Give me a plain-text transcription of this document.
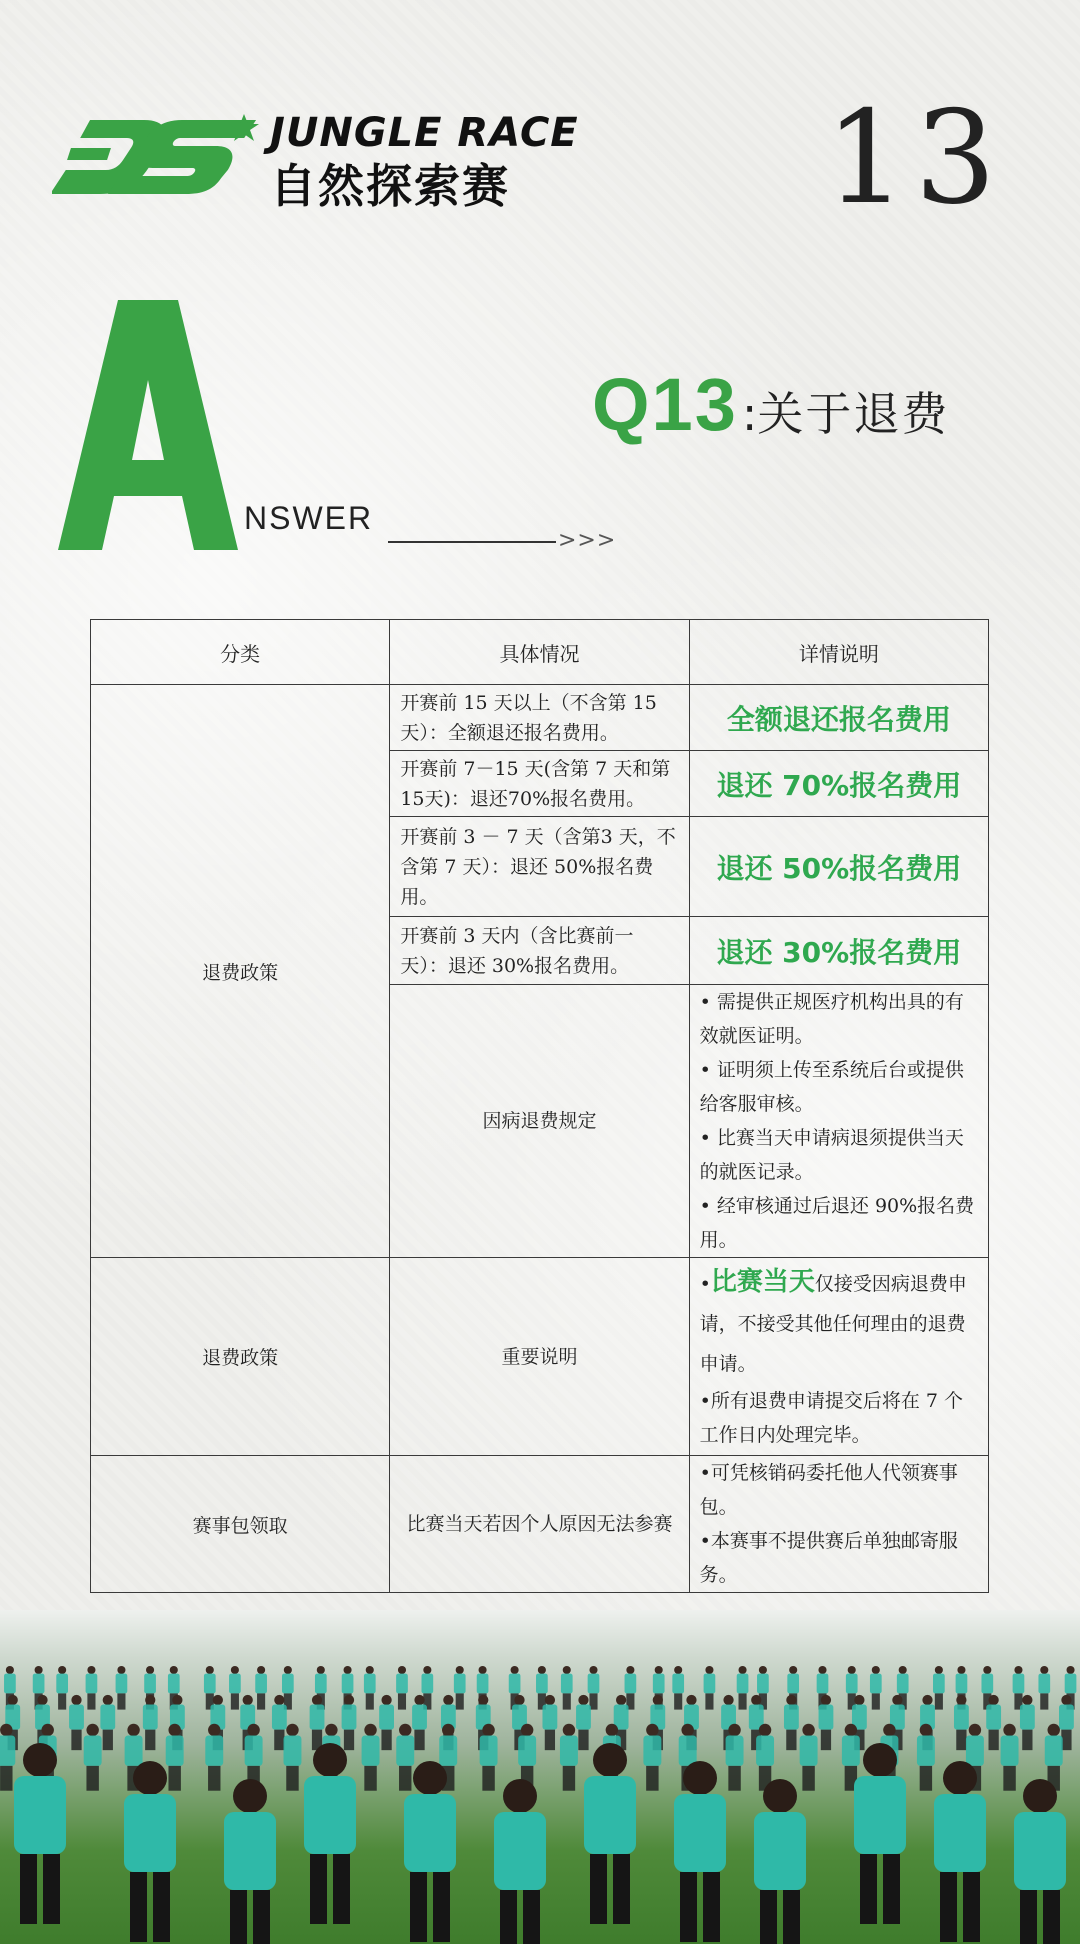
JUNGLE RACE
自然探索赛 13
NSWER
>>>
Q13:关于退费
分类	具体情况	详情说明
退费政策	开赛前 15 天以上（不含第 15 天）：全额退还报名费用。	全额退还报名费用
	开赛前 7－15 天(含第 7 天和第15天)：退还70%报名费用。	退还 70%报名费用
	开赛前 3 － 7 天（含第3 天，不含第 7 天）：退还 50%报名费用。	退还 50%报名费用
	开赛前 3 天内（含比赛前一天）：退还 30%报名费用。	退还 30%报名费用
	因病退费规定	• 需提供正规医疗机构出具的有效就医证明。
• 证明须上传至系统后台或提供给客服审核。
• 比赛当天申请病退须提供当天的就医记录。
• 经审核通过后退还 90%报名费用。

退费政策	重要说明	•比赛当天仅接受因病退费申请，不接受其他任何理由的退费申请。
•所有退费申请提交后将在 7 个工作日内处理完毕。

赛事包领取	比赛当天若因个人原因无法参赛	•可凭核销码委托他人代领赛事包。
•本赛事不提供赛后单独邮寄服务。
